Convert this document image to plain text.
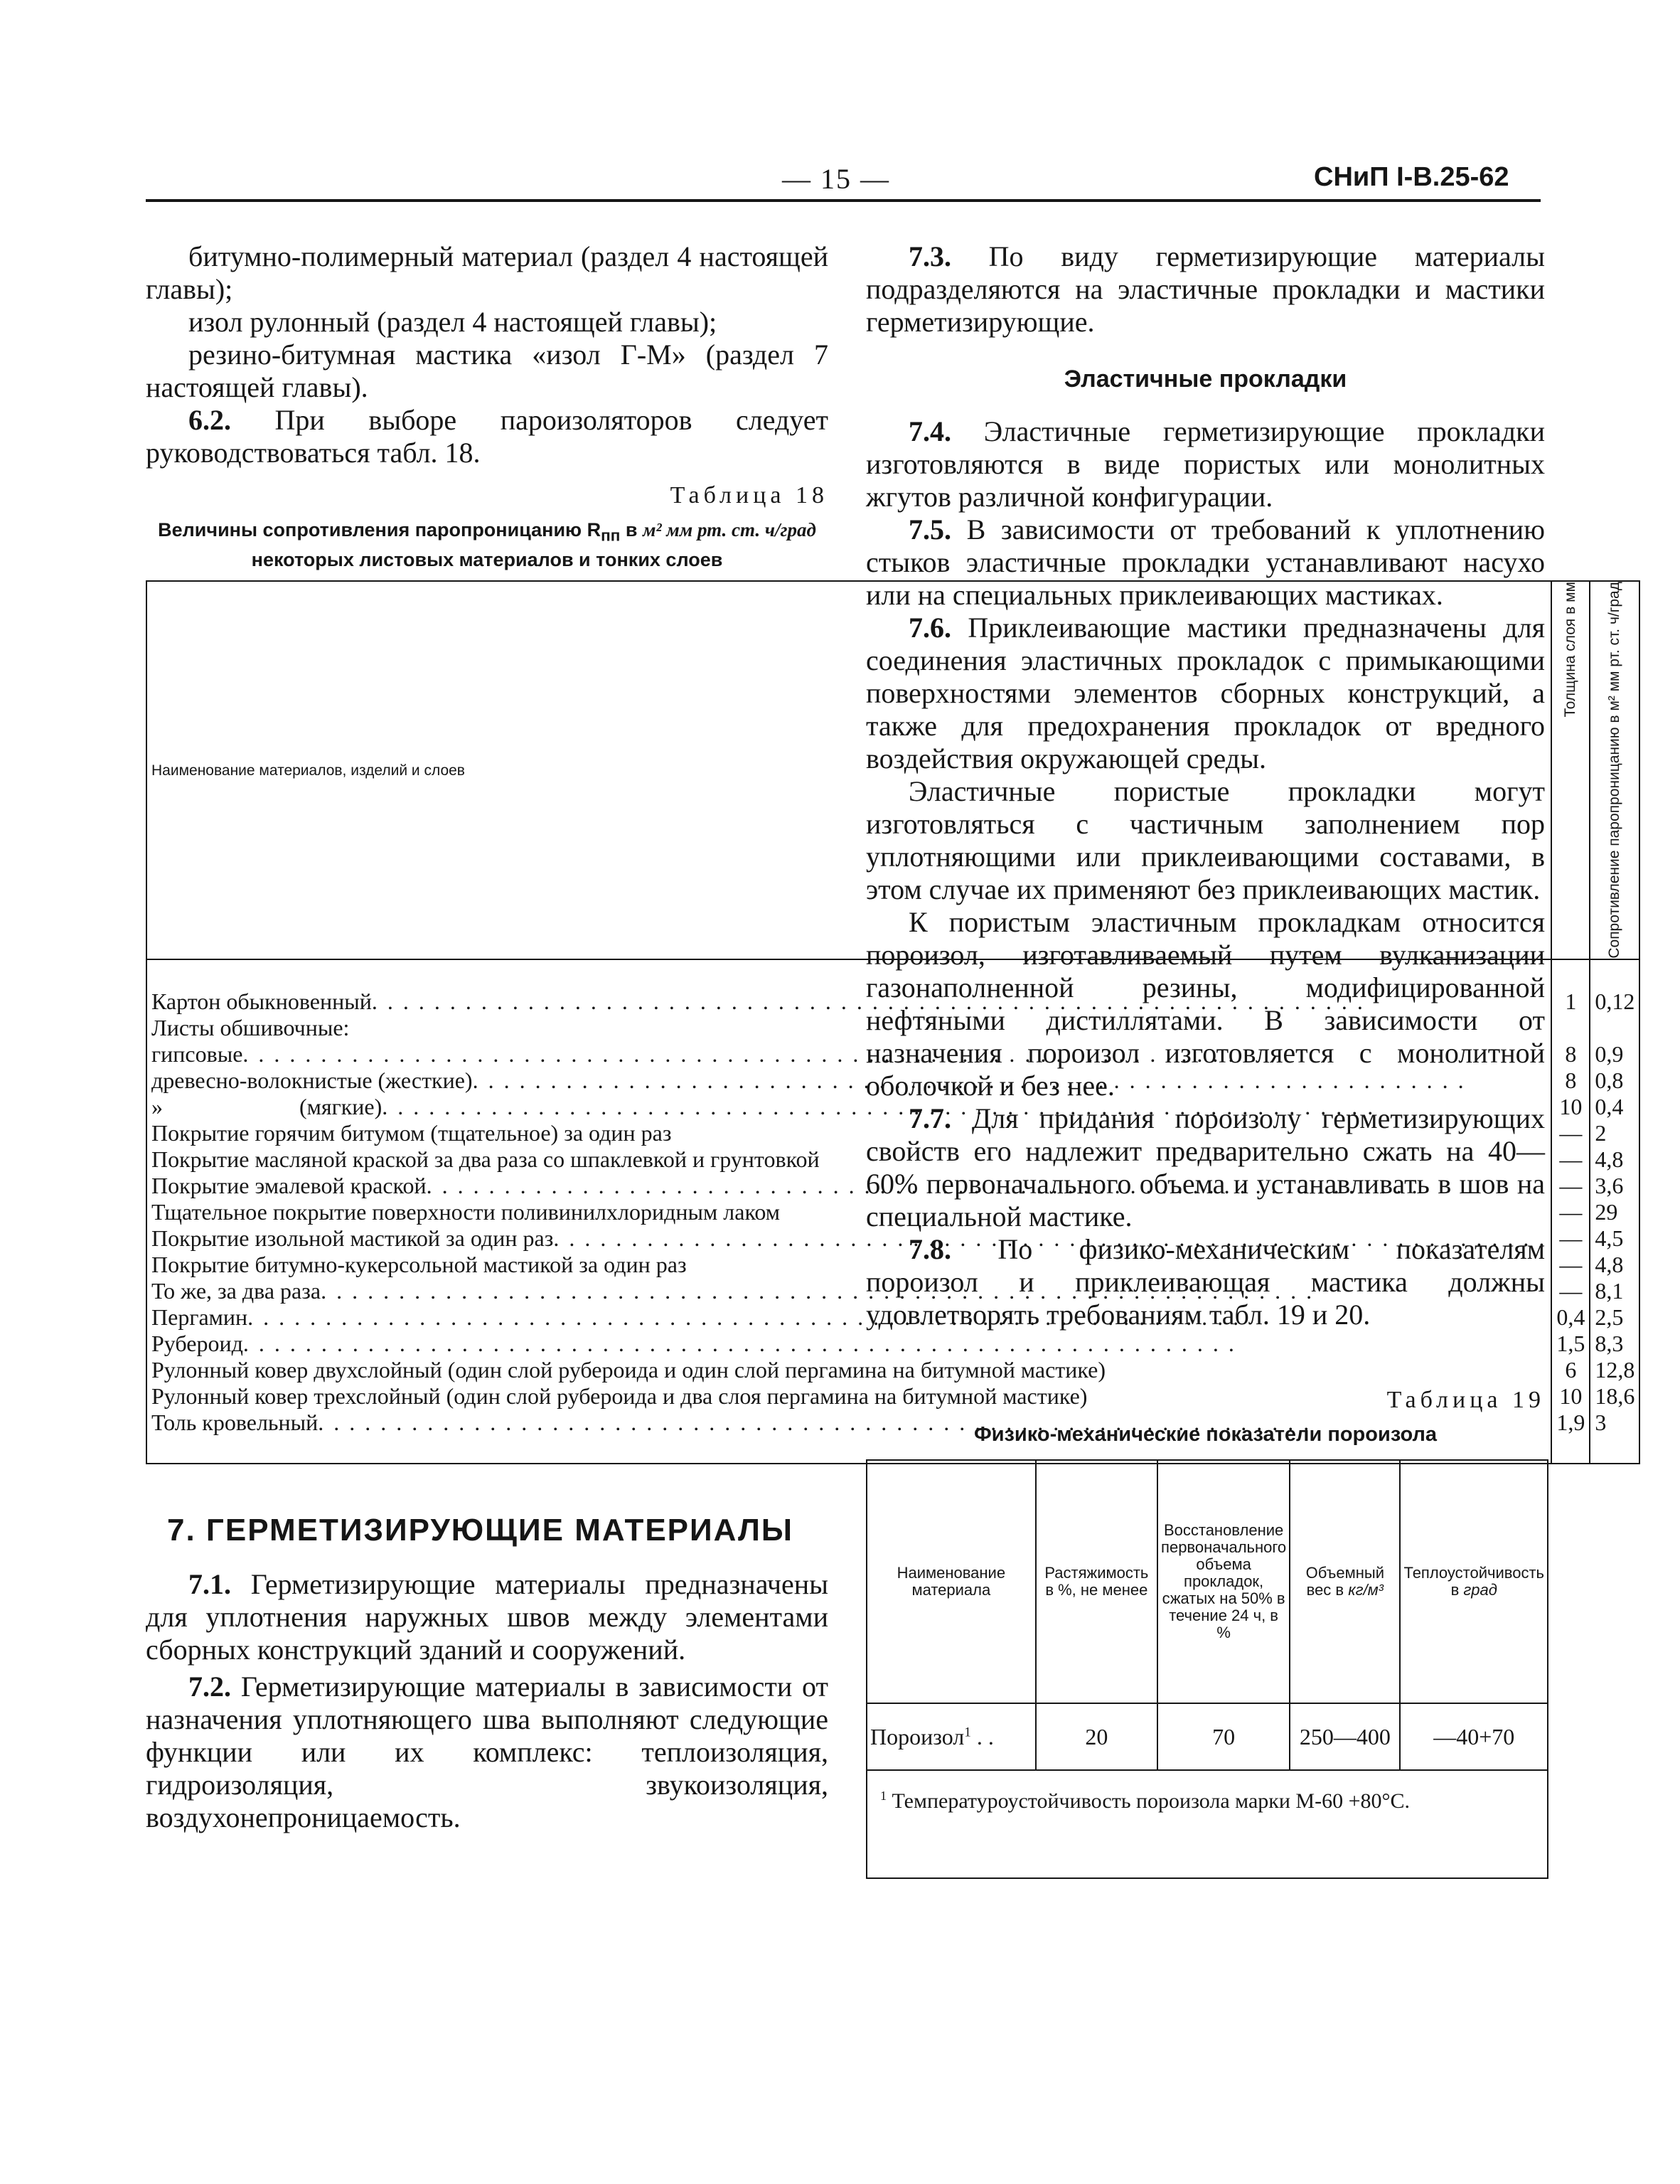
— 15 —	СНиП I-B.25-62

битумно-полимерный материал (раздел 4 настоящей главы);

изол рулонный (раздел 4 настоящей главы);

резино-битумная мастика «изол Г-М» (раздел 7 настоящей главы).

6.2. При выборе пароизоляторов следует руководствоваться табл. 18.

Таблица 18
Величины сопротивления паропроницанию $R_{пп}$ в м² мм рт. ст. ч/град некоторых листовых материалов и тонких слоев
Наименование материалов, изделий и слоев	Толщина слоя в мм	Сопротивление паропроницанию в м² мм рт. ст. ч/град

Картон обыкновенный
. . .	1	0,12

Листы обшивочные:		

гипсовые
. . .	8	0,9

древесно-волокнистые (жесткие)
. . .	8	0,8

»                        (мягкие)
. . .	10	0,4

Покрытие горячим битумом (тщательное) за один раз	—	2

Покрытие масляной краской за два раза со шпаклевкой и грунтовкой	—	4,8

Покрытие эмалевой краской
. . .	—	3,6

Тщательное покрытие поверхности поливинилхлоридным лаком	—	29

Покрытие изольной мастикой за один раз
. . .	—	4,5

Покрытие битумно-кукерсольной мастикой за один раз	—	4,8

То же, за два раза
. . .	—	8,1

Пергамин
. . .	0,4	2,5

Рубероид
. . .	1,5	8,3

Рулонный ковер двухслойный (один слой рубероида и один слой пергамина на битумной мастике)	6	12,8

Рулонный ковер трехслойный (один слой рубероида и два слоя пергамина на битумной мастике)	10	18,6

Толь кровельный
. . .	1,9	3
7. ГЕРМЕТИЗИРУЮЩИЕ МАТЕРИАЛЫ

7.1. Герметизирующие материалы предназначены для уплотнения наружных швов между элементами сборных конструкций зданий и сооружений.

7.2. Герметизирующие материалы в зависимости от назначения уплотняющего шва выполняют следующие функции или их комплекс: теплоизоляция, гидроизоляция, звукоизоляция, воздухонепроницаемость.

7.3. По виду герметизирующие материалы подразделяются на эластичные прокладки и мастики герметизирующие.

Эластичные прокладки

7.4. Эластичные герметизирующие прокладки изготовляются в виде пористых или монолитных жгутов различной конфигурации.

7.5. В зависимости от требований к уплотнению стыков эластичные прокладки устанавливают насухо или на специальных приклеивающих мастиках.

7.6. Приклеивающие мастики предназначены для соединения эластичных прокладок с примыкающими поверхностями элементов сборных конструкций, а также для предохранения прокладок от вредного воздействия окружающей среды.

Эластичные пористые прокладки могут изготовляться с частичным заполнением пор уплотняющими или приклеивающими составами, в этом случае их применяют без приклеивающих мастик.

К пористым эластичным прокладкам относится пороизол, изготавливаемый путем вулканизации газонаполненной резины, модифицированной нефтяными дистиллятами. В зависимости от назначения пороизол изготовляется с монолитной оболочкой и без нее.

7.7. Для придания пороизолу герметизирующих свойств его надлежит предварительно сжать на 40—60% первоначального объема и устанавливать в шов на специальной мастике.

7.8. По физико-механическим показателям пороизол и приклеивающая мастика должны удовлетворять требованиям табл. 19 и 20.

Таблица 19
Физико-механические показатели пороизола
Наименование материала	Растяжимость в %, не менее	Восстановление первоначального объема прокладок, сжатых на 50% в течение 24 ч, в %	Объемный вес в кг/м³	Теплоустойчивость в град
Пороизол$^1$ . .	20	70	250—400	—40+70

$^1$ Температуроустойчивость пороизола марки М-60 +80°С.				
